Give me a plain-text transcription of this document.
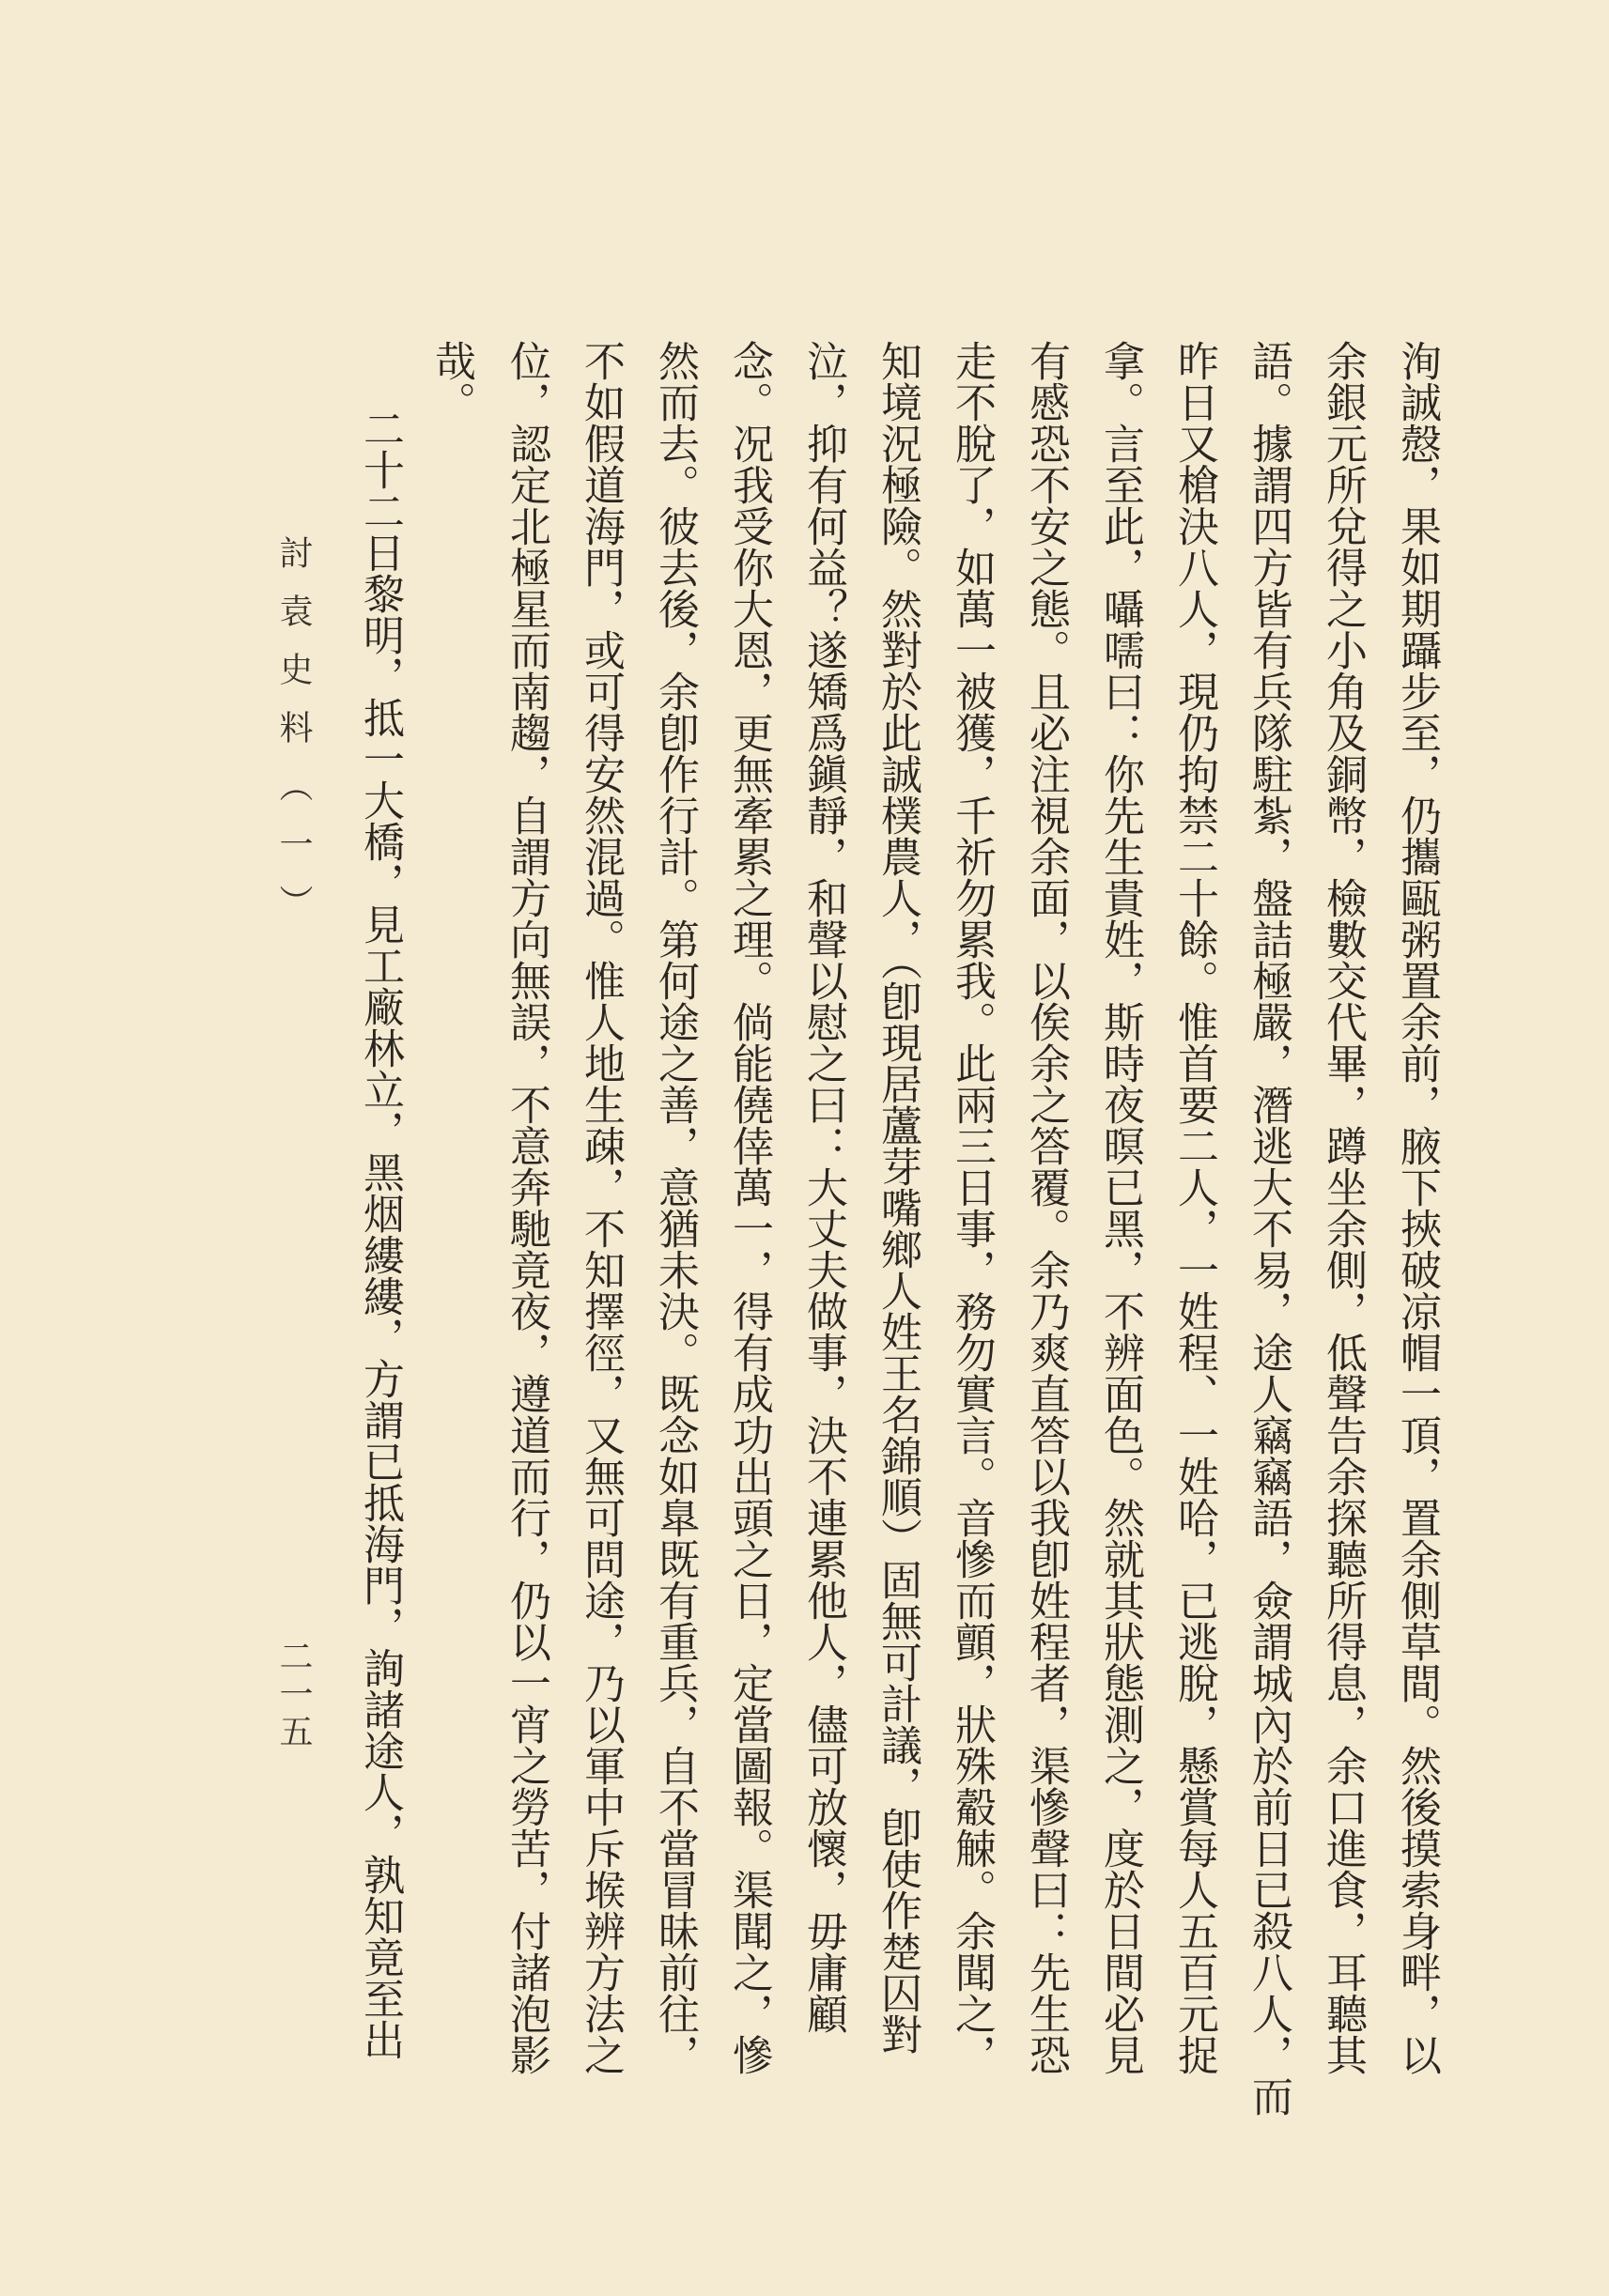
洵誠慤，果如期躡步至，仍攜甌粥置余前，腋下挾破凉帽一頂，置余側草間。然後摸索身畔，以
余銀元所兌得之小角及銅幣，檢數交代畢，蹲坐余側，低聲告余探聽所得息，余口進食，耳聽其
語。據謂四方皆有兵隊駐紮，盤詰極嚴，潛逃大不易，途人竊竊語，僉謂城內於前日已殺八人，而
昨日又槍決八人，現仍拘禁二十餘。惟首要二人，一姓程、一姓哈，已逃脫，懸賞每人五百元捉
拿。言至此，囁嚅曰：你先生貴姓，斯時夜暝已黑，不辨面色。然就其狀態測之，度於日間必見
有慼恐不安之態。且必注視余面，以俟余之答覆。余乃爽直答以我卽姓程者，渠慘聲曰：先生恐
走不脫了，如萬一被獲，千祈勿累我。此兩三日事，務勿實言。音慘而顫，狀殊觳觫。余聞之，
知境況極險。然對於此誠樸農人，（卽現居蘆芽嘴鄉人姓王名錦順）固無可計議，卽使作楚囚對
泣，抑有何益？遂矯爲鎭靜，和聲以慰之曰：大丈夫做事，決不連累他人，儘可放懷，毋庸顧
念。况我受你大恩，更無牽累之理。倘能僥倖萬一，得有成功出頭之日，定當圖報。渠聞之，慘
然而去。彼去後，余卽作行計。第何途之善，意猶未決。既念如臯既有重兵，自不當冒昧前往，
不如假道海門，或可得安然混過。惟人地生疎，不知擇徑，又無可問途，乃以軍中斥堠辨方法之
位，認定北極星而南趨，自謂方向無誤，不意奔馳竟夜，遵道而行，仍以一宵之勞苦，付諸泡影
哉。
二十二日黎明，抵一大橋，見工廠林立，黑烟縷縷，方謂已抵海門，詢諸途人，孰知竟至出
討袁史料（一）
二一五
